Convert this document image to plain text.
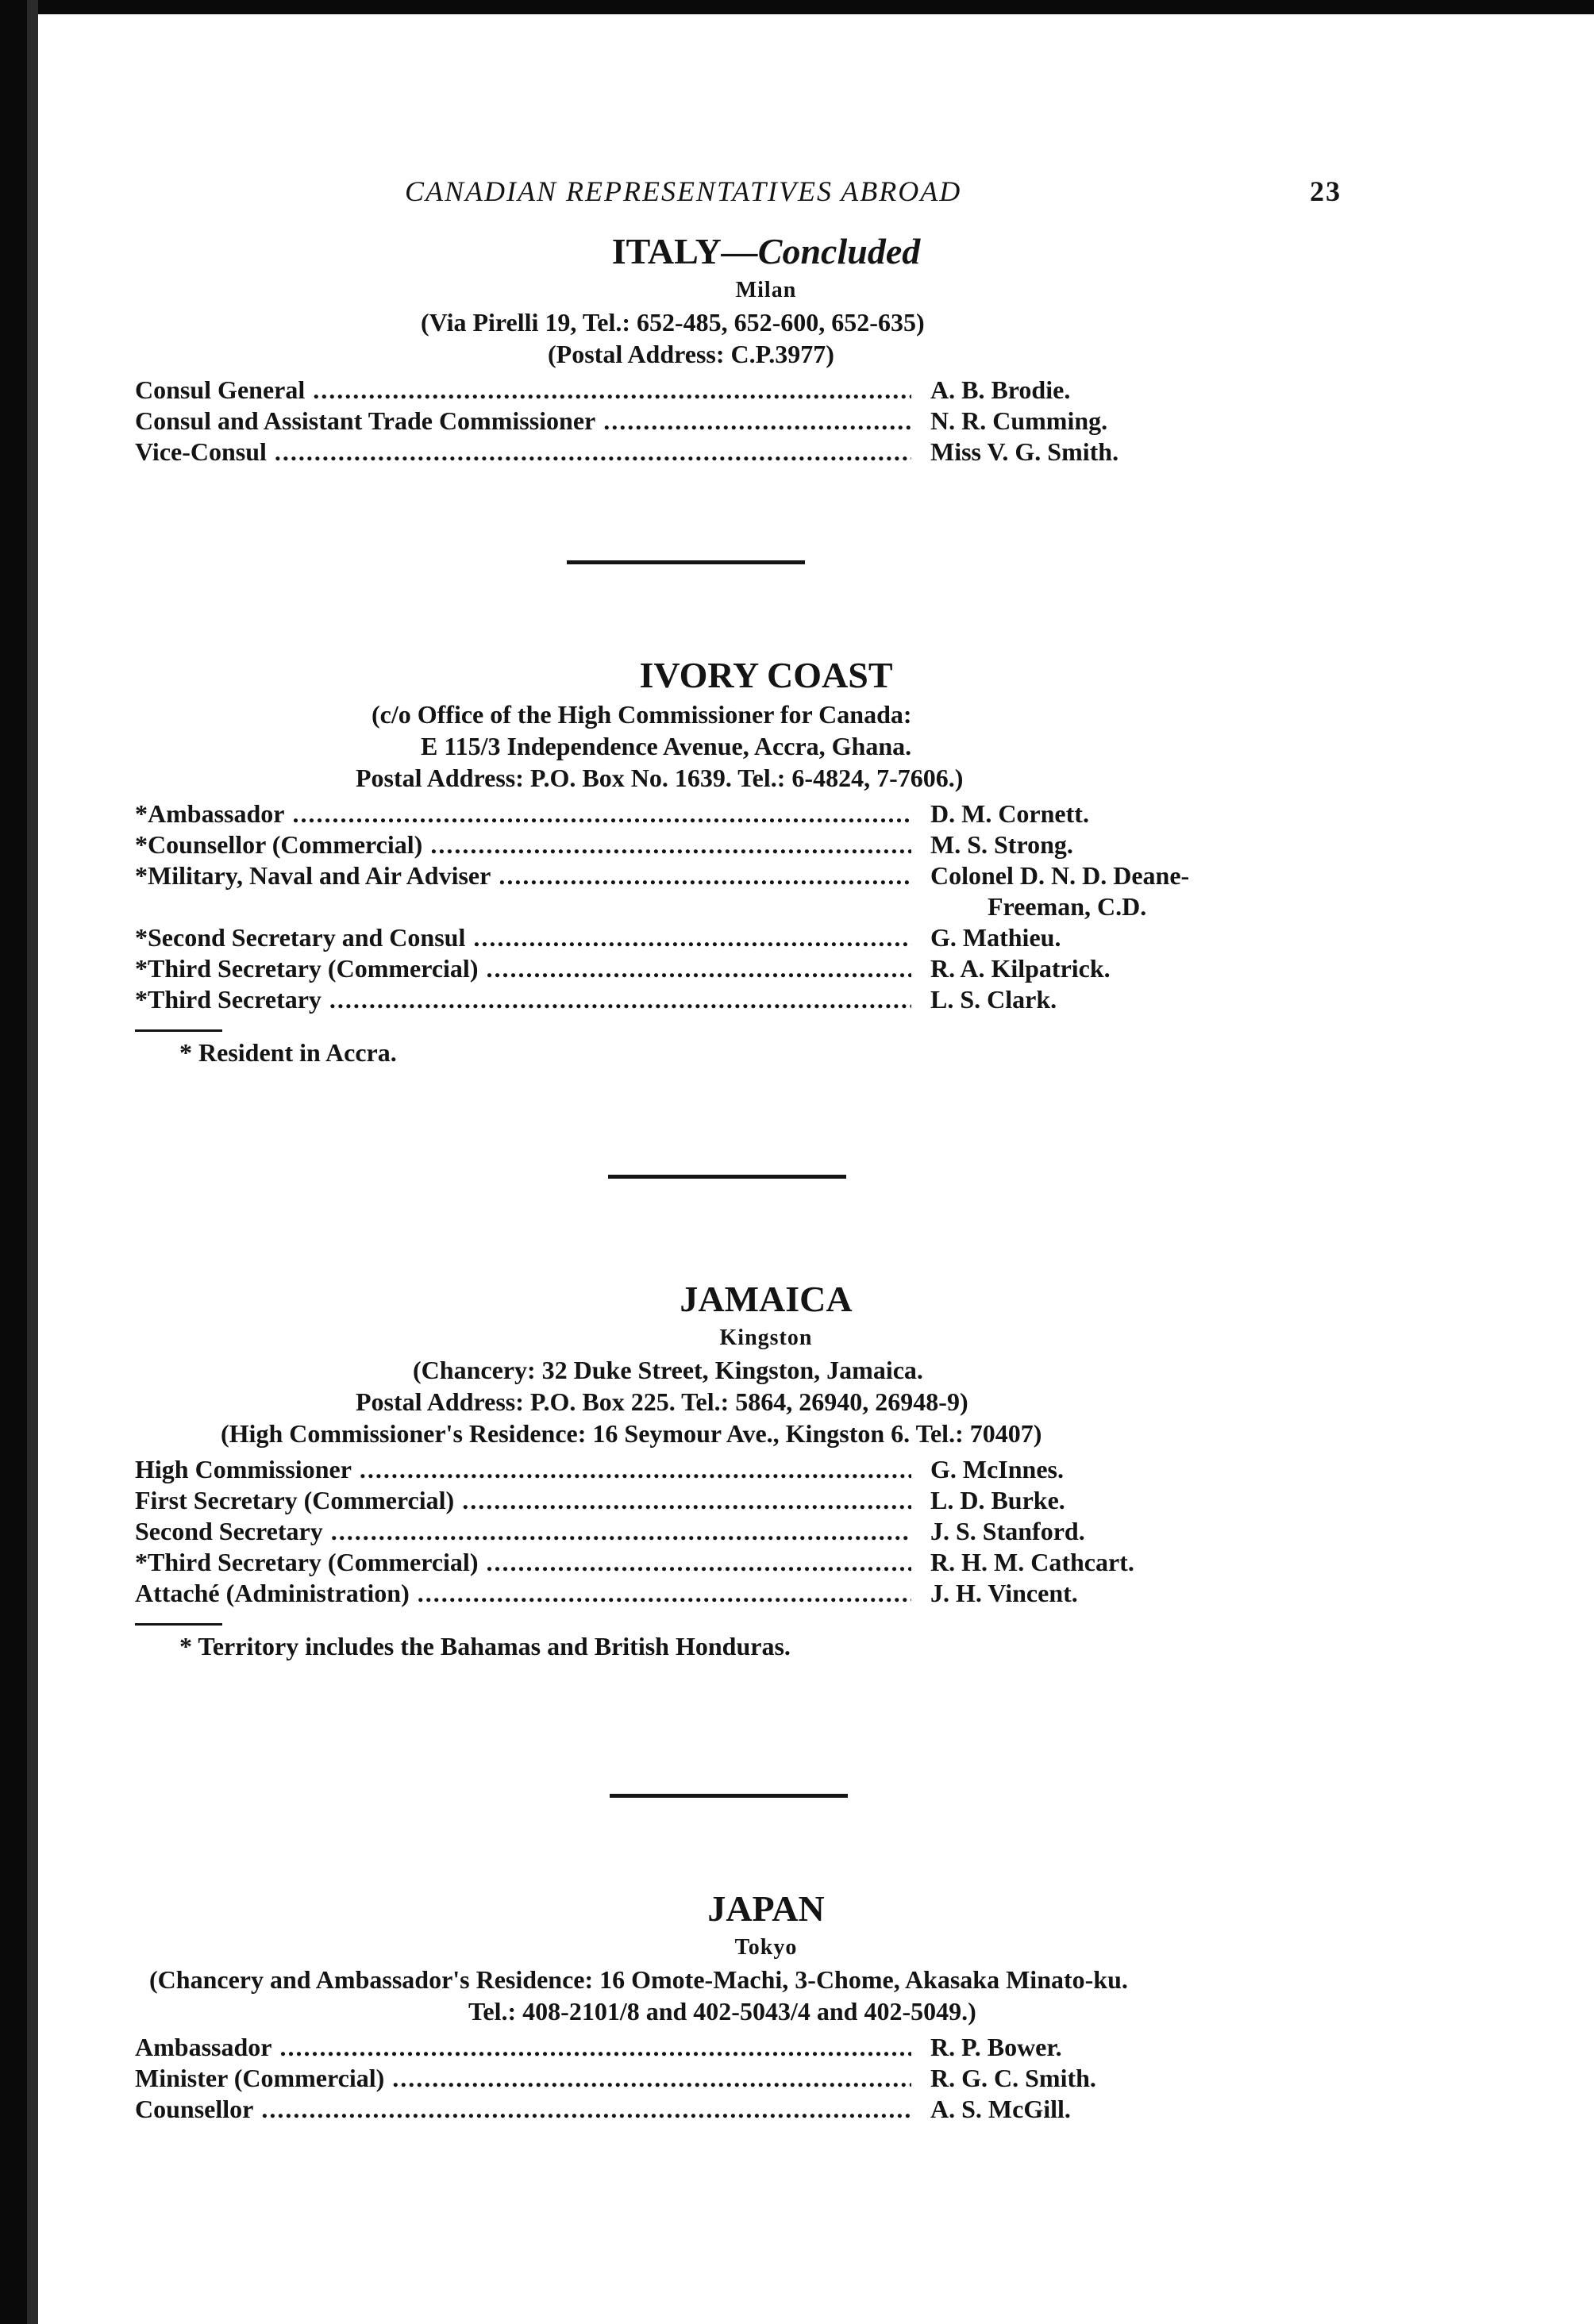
CANADIAN REPRESENTATIVES ABROAD	23
ITALY—Concluded
Milan
(Via Pirelli 19, Tel.: 652-485, 652-600, 652-635)
(Postal Address: C.P.3977)
Consul General .....	A. B. Brodie.
Consul and Assistant Trade Commissioner .....	N. R. Cumming.
Vice-Consul .....	Miss V. G. Smith.
IVORY COAST
(c/o Office of the High Commissioner for Canada:
E 115/3 Independence Avenue, Accra, Ghana.
Postal Address: P.O. Box No. 1639. Tel.: 6-4824, 7-7606.)
*Ambassador .....	D. M. Cornett.
*Counsellor (Commercial) .....	M. S. Strong.
*Military, Naval and Air Adviser .....	Colonel D. N. D. Deane-
Freeman, C.D.
*Second Secretary and Consul .....	G. Mathieu.
*Third Secretary (Commercial) .....	R. A. Kilpatrick.
*Third Secretary .....	L. S. Clark.
* Resident in Accra.
JAMAICA
Kingston
(Chancery: 32 Duke Street, Kingston, Jamaica.
Postal Address: P.O. Box 225. Tel.: 5864, 26940, 26948-9)
(High Commissioner's Residence: 16 Seymour Ave., Kingston 6. Tel.: 70407)
High Commissioner .....	G. McInnes.
First Secretary (Commercial) .....	L. D. Burke.
Second Secretary .....	J. S. Stanford.
*Third Secretary (Commercial) .....	R. H. M. Cathcart.
Attaché (Administration) .....	J. H. Vincent.
* Territory includes the Bahamas and British Honduras.
JAPAN
Tokyo
(Chancery and Ambassador's Residence: 16 Omote-Machi, 3-Chome, Akasaka Minato-ku.
Tel.: 408-2101/8 and 402-5043/4 and 402-5049.)
Ambassador .....	R. P. Bower.
Minister (Commercial) .....	R. G. C. Smith.
Counsellor .....	A. S. McGill.
